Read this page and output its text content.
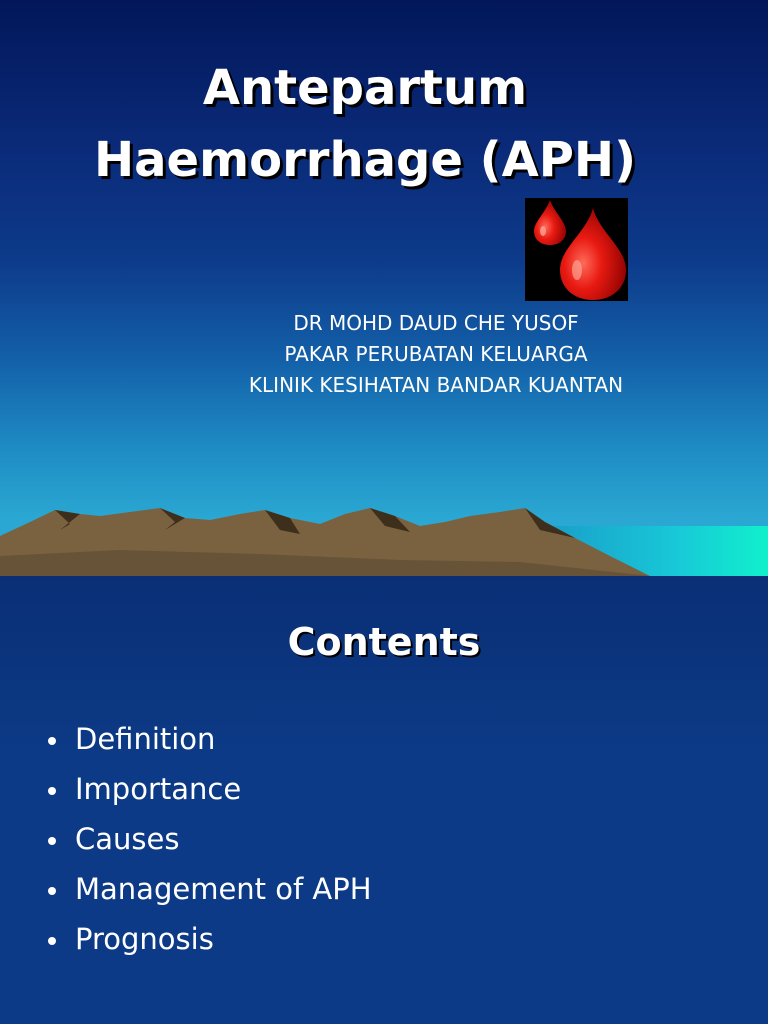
Antepartum
Haemorrhage (APH)
DR MOHD DAUD CHE YUSOF
PAKAR PERUBATAN KELUARGA
KLINIK KESIHATAN BANDAR KUANTAN
Contents
Definition
Importance
Causes
Management of APH
Prognosis
